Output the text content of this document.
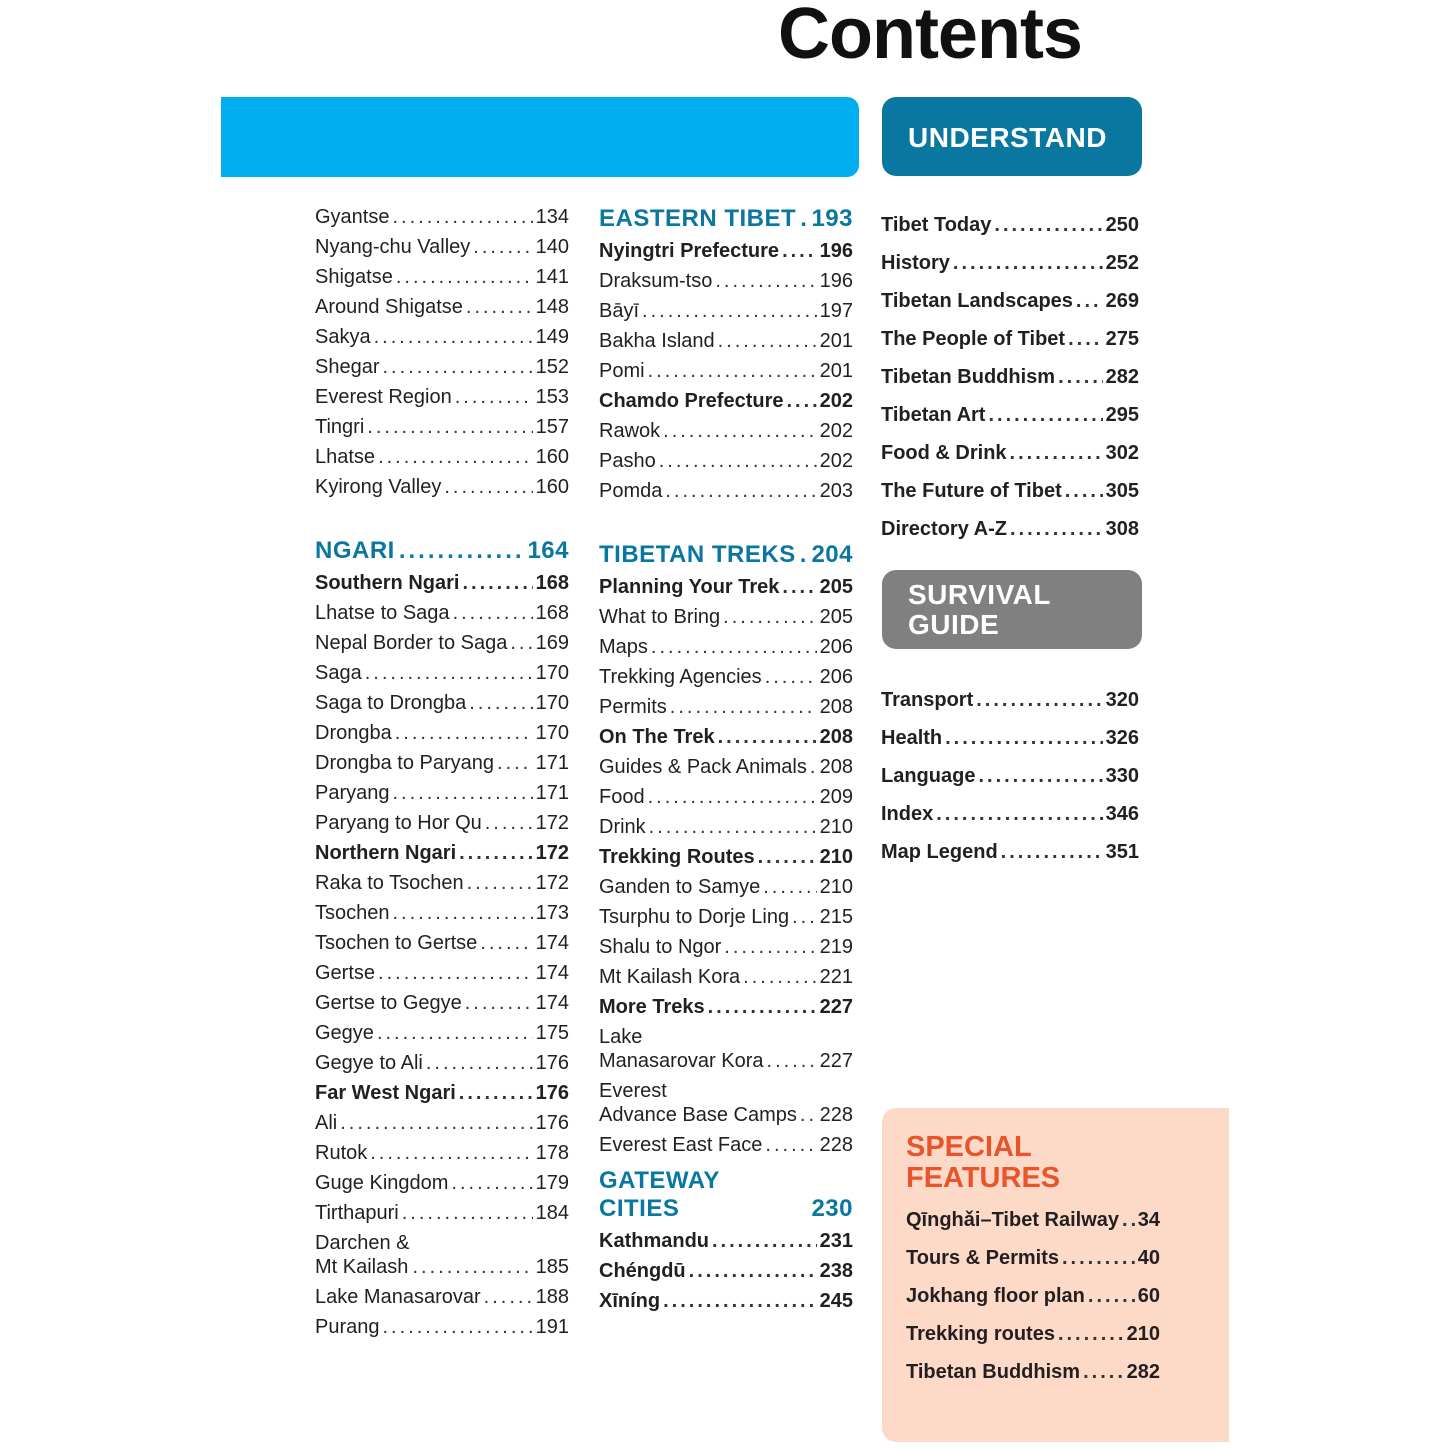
Contents
UNDERSTAND
SURVIVAL
GUIDE
Gyantse .....	134
Nyang-chu Valley .....	140
Shigatse .....	141
Around Shigatse .....	148
Sakya .....	149
Shegar .....	152
Everest Region .....	153
Tingri .....	157
Lhatse .....	160
Kyirong Valley .....	160
NGARI .....	164
Southern Ngari .....	168
Lhatse to Saga .....	168
Nepal Border to Saga ..... 169
Saga .....	170
Saga to Drongba .....	170
Drongba .....	170
Drongba to Paryang ..... 171
Paryang .....	171
Paryang to Hor Qu .....	172
Northern Ngari .....	172
Raka to Tsochen .....	172
Tsochen .....	173
Tsochen to Gertse .....	174
Gertse .....	174
Gertse to Gegye .....	174
Gegye .....	175
Gegye to Ali .....	176
Far West Ngari .....	176
Ali .....	176
Rutok .....	178
Guge Kingdom .....	179
Tirthapuri .....	184
Darchen &
Mt Kailash .....	185
Lake Manasarovar .....	188
Purang .....	191
EASTERN TIBET ..... 193
Nyingtri Prefecture ..... 196
Draksum-tso .....	196
Bāyī .....	197
Bakha Island .....	201
Pomi .....	201
Chamdo Prefecture ..... 202
Rawok .....	202
Pasho .....	202
Pomda .....	203
TIBETAN TREKS ..... 204
Planning Your Trek ..... 205
What to Bring .....	205
Maps .....	206
Trekking Agencies .....	206
Permits .....	208
On The Trek .....	208
Guides & Pack Animals ..... 208
Food .....	209
Drink .....	210
Trekking Routes .....	210
Ganden to Samye .....	210
Tsurphu to Dorje Ling ..... 215
Shalu to Ngor .....	219
Mt Kailash Kora .....	221
More Treks .....	227
Lake
Manasarovar Kora .....	227
Everest
Advance Base Camps ..... 228
Everest East Face .....	228
GATEWAY CITIES	230
Kathmandu .....	231
Chéngdū .....	238
Xīníng .....	245
Tibet Today .....	250
History .....	252
Tibetan Landscapes ..... 269
The People of Tibet ..... 275
Tibetan Buddhism .....	282
Tibetan Art .....	295
Food & Drink .....	302
The Future of Tibet ..... 305
Directory A-Z .....	308
Transport .....	320
Health .....	326
Language .....	330
Index .....	346
Map Legend .....	351
SPECIAL
FEATURES
Qīnghǎi–Tibet Railway ..... 34
Tours & Permits .....	40
Jokhang floor plan .....	60
Trekking routes .....	210
Tibetan Buddhism ..... 282
